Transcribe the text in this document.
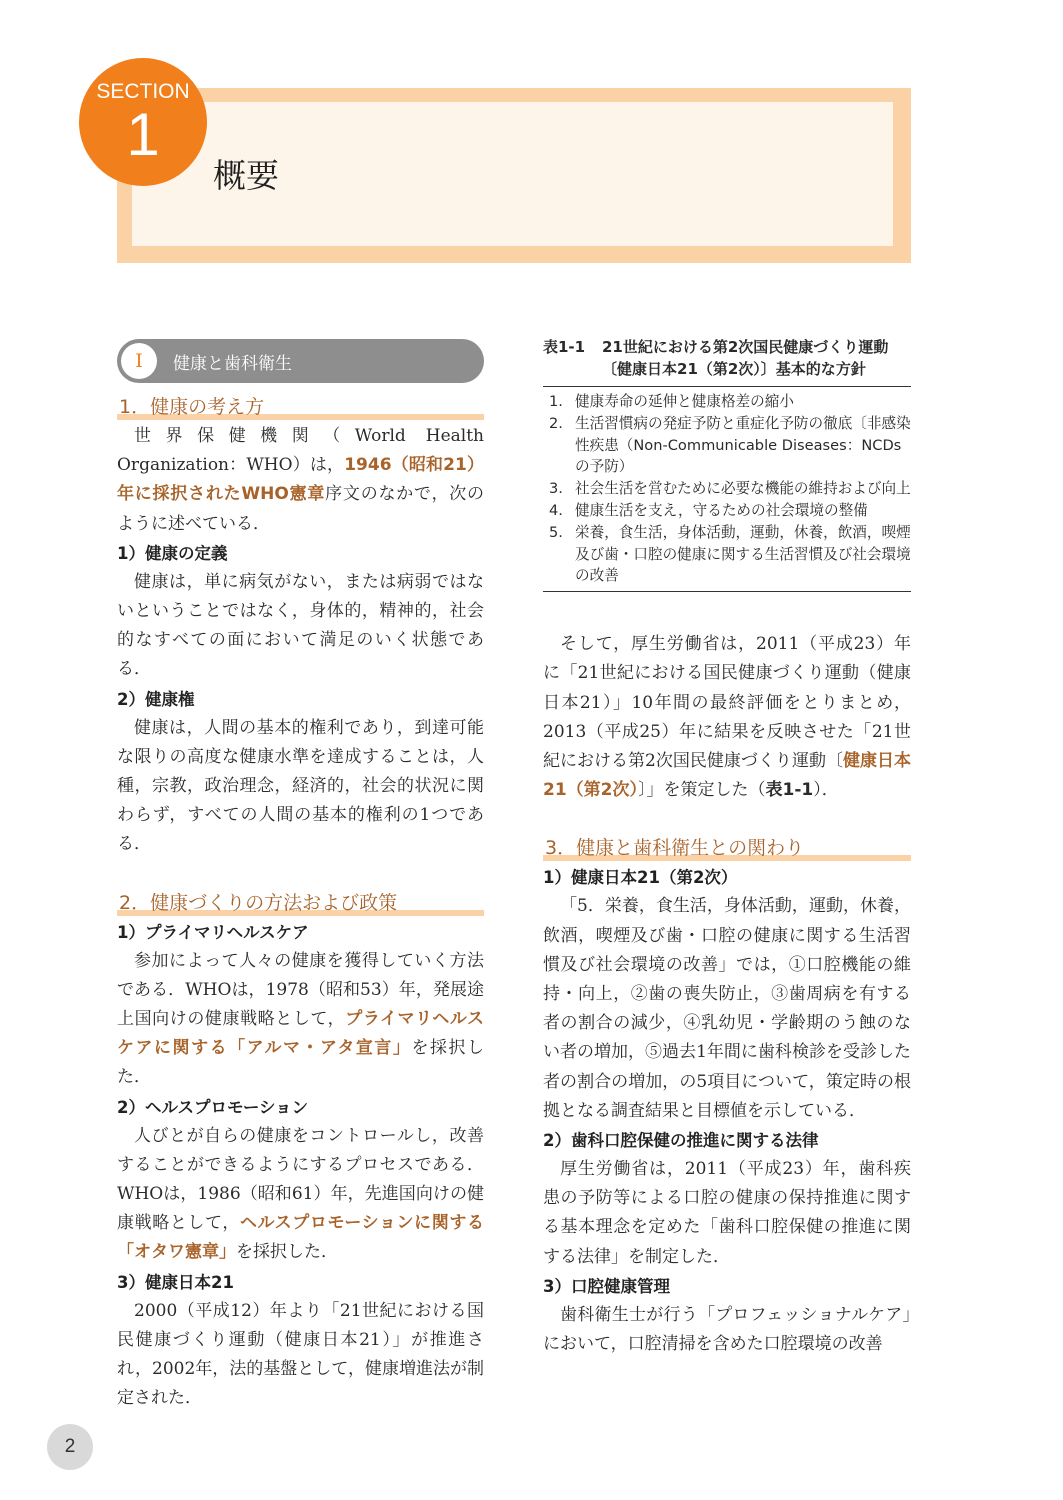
SECTION
1
概要
I	健康と歯科衛生
1．健康の考え方

世界保健機関（World Health Organization：WHO）は，1946（昭和21）年に採択されたWHO憲章序文のなかで，次のように述べている．

1）健康の定義

健康は，単に病気がない，または病弱ではないということではなく，身体的，精神的，社会的なすべての面において満足のいく状態である．

2）健康権

健康は，人間の基本的権利であり，到達可能な限りの高度な健康水準を達成することは，人種，宗教，政治理念，経済的，社会的状況に関わらず，すべての人間の基本的権利の1つである．

2．健康づくりの方法および政策
1）プライマリヘルスケア

参加によって人々の健康を獲得していく方法である．WHOは，1978（昭和53）年，発展途上国向けの健康戦略として，プライマリヘルスケアに関する「アルマ・アタ宣言」を採択した．

2）ヘルスプロモーション

人びとが自らの健康をコントロールし，改善することができるようにするプロセスである．WHOは，1986（昭和61）年，先進国向けの健康戦略として，ヘルスプロモーションに関する「オタワ憲章」を採択した．

3）健康日本21

2000（平成12）年より「21世紀における国民健康づくり運動（健康日本21）」が推進され，2002年，法的基盤として，健康増進法が制定された．

表1-1	21世紀における第2次国民健康づくり運動〔健康日本21（第2次）〕基本的な方針
1. 健康寿命の延伸と健康格差の縮小
2. 生活習慣病の発症予防と重症化予防の徹底〔非感染性疾患（Non-Communicable Diseases：NCDsの予防）
3. 社会生活を営むために必要な機能の維持および向上
4. 健康生活を支え，守るための社会環境の整備
5. 栄養，食生活，身体活動，運動，休養，飲酒，喫煙及び歯・口腔の健康に関する生活習慣及び社会環境の改善

そして，厚生労働省は，2011（平成23）年に「21世紀における国民健康づくり運動（健康日本21）」10年間の最終評価をとりまとめ，2013（平成25）年に結果を反映させた「21世紀における第2次国民健康づくり運動〔健康日本21（第2次）〕」を策定した（表1-1）．

3．健康と歯科衛生との関わり
1）健康日本21（第2次）

「5．栄養，食生活，身体活動，運動，休養，飲酒，喫煙及び歯・口腔の健康に関する生活習慣及び社会環境の改善」では，①口腔機能の維持・向上，②歯の喪失防止，③歯周病を有する者の割合の減少，④乳幼児・学齢期のう蝕のない者の増加，⑤過去1年間に歯科検診を受診した者の割合の増加，の5項目について，策定時の根拠となる調査結果と目標値を示している．

2）歯科口腔保健の推進に関する法律

厚生労働省は，2011（平成23）年，歯科疾患の予防等による口腔の健康の保持推進に関する基本理念を定めた「歯科口腔保健の推進に関する法律」を制定した．

3）口腔健康管理

歯科衛生士が行う「プロフェッショナルケア」において，口腔清掃を含めた口腔環境の改善

2
